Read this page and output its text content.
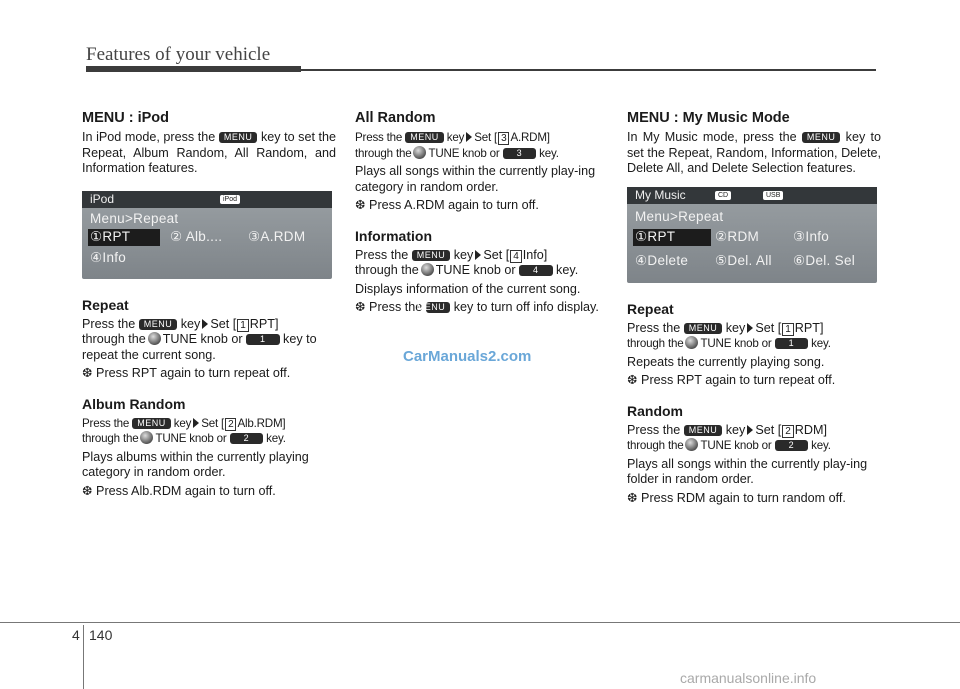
Features of your vehicle
MENU : iPod

In iPod mode, press the MENU key to set the Repeat, Album Random, All Random, and Information features.

iPod	iPod
Menu>Repeat
①RPT	② Alb.... ③A.RDM
④Info
Repeat

Press the MENU key Set [ 1 RPT]

through the TUNE knob or 1 key to repeat the current song.

❆ Press RPT again to turn repeat off.

Album Random

Press the MENU key Set [ 2 Alb.RDM]

through the TUNE knob or 2 key.

Plays albums within the currently playing category in random order.

❆ Press Alb.RDM again to turn off.

All Random

Press the MENU key Set [ 3 A.RDM]

through the TUNE knob or 3 key.

Plays all songs within the currently play-ing category in random order.

❆ Press A.RDM again to turn off.

Information

Press the MENU key Set [ 4 Info]

through the TUNE knob or 4 key.

Displays information of the current song.

❆ Press the MENU key to turn off info display.

MENU : My Music Mode

In My Music mode, press the MENU key to set the Repeat, Random, Information, Delete, Delete All, and Delete Selection features.

My Music	CD	USB
Menu>Repeat
①RPT	②RDM	③Info
④Delete ⑤Del. All ⑥Del. Sel
Repeat

Press the MENU key Set [ 1 RPT]

through the TUNE knob or 1 key.

Repeats the currently playing song.

❆ Press RPT again to turn repeat off.

Random

Press the MENU key Set [ 2 RDM]

through the TUNE knob or 2 key.

Plays all songs within the currently play-ing folder in random order.

❆ Press RDM again to turn random off.

CarManuals2.com
4 140
carmanualsonline.info
